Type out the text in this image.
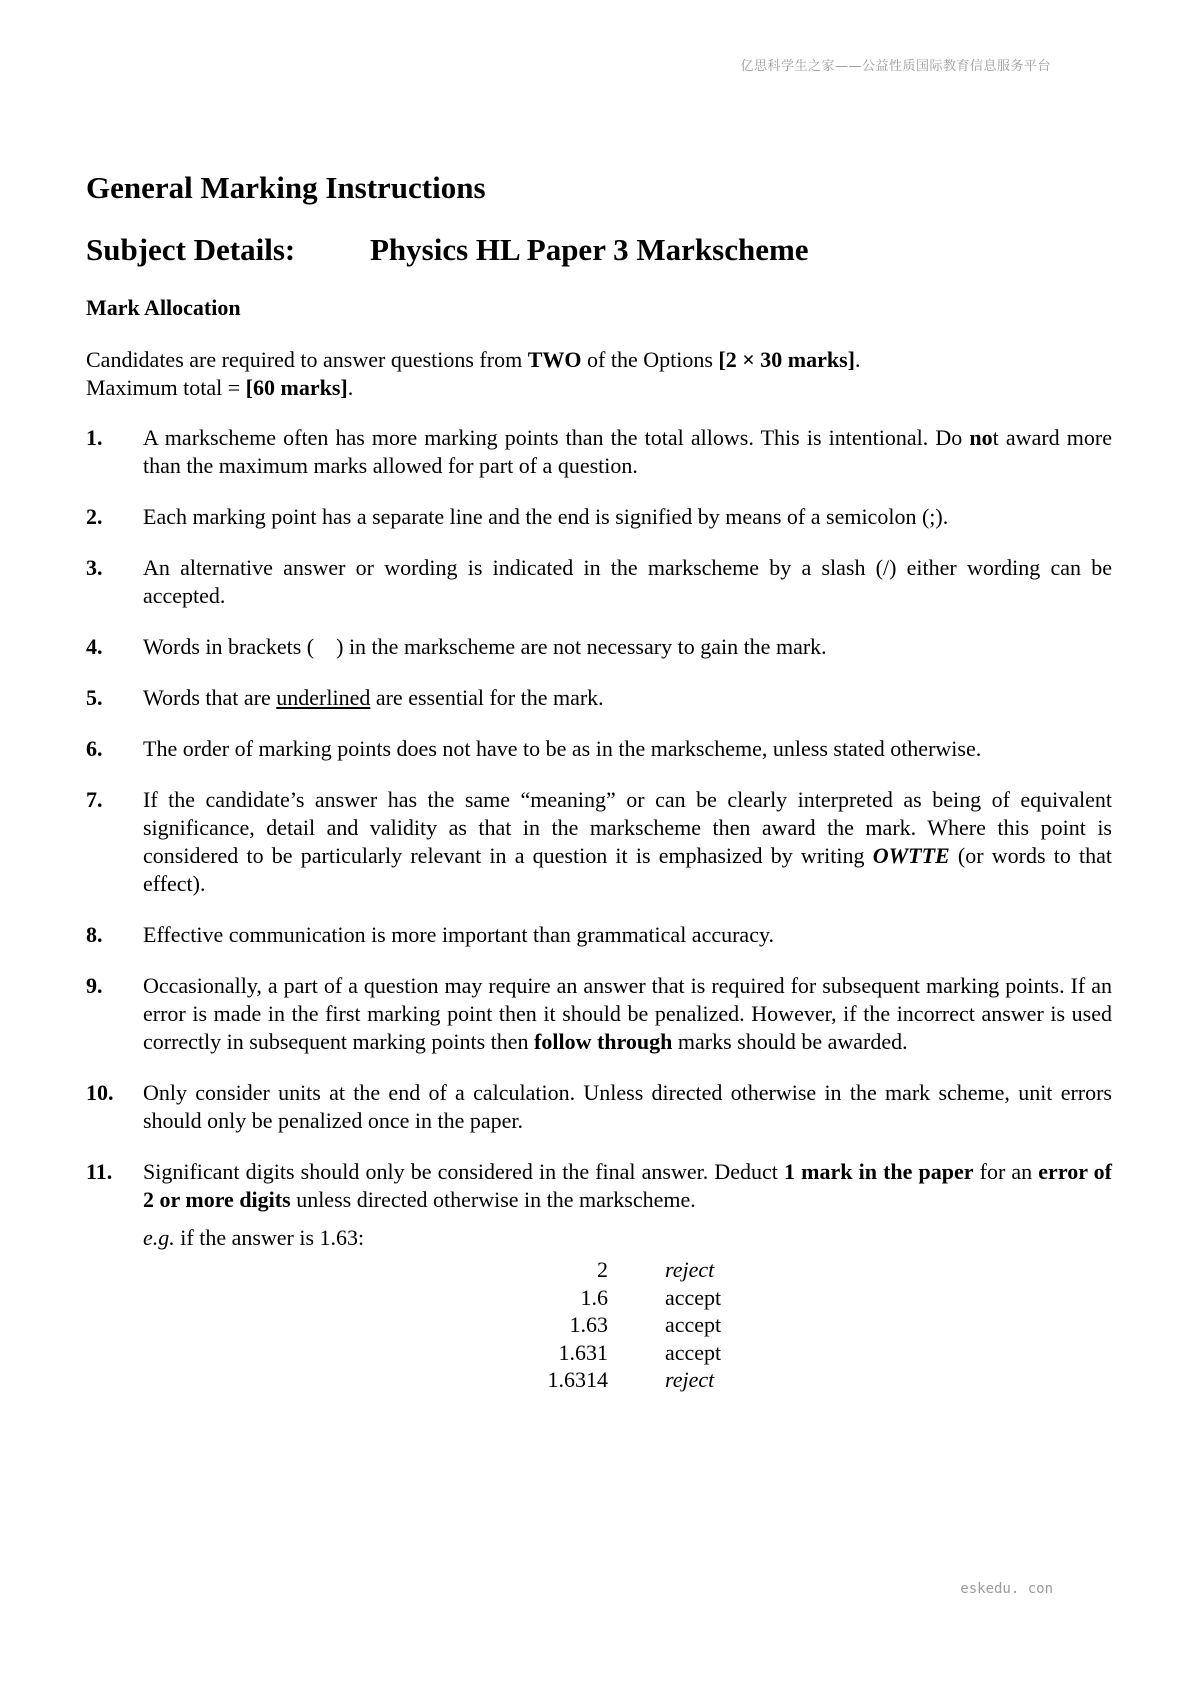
亿思科学生之家——公益性质国际教育信息服务平台
General Marking Instructions
Subject Details:	Physics HL Paper 3 Markscheme
Mark Allocation

Candidates are required to answer questions from TWO of the Options [2 × 30 marks].

Maximum total = [60 marks].

1.	A markscheme often has more marking points than the total allows. This is intentional. Do not award more than the maximum marks allowed for part of a question.
2.	Each marking point has a separate line and the end is signified by means of a semicolon (;).
3.	An alternative answer or wording is indicated in the markscheme by a slash (/) either wording can be accepted.
4.	Words in brackets (    ) in the markscheme are not necessary to gain the mark.
5.	Words that are underlined are essential for the mark.
6.	The order of marking points does not have to be as in the markscheme, unless stated otherwise.
7.	If the candidate’s answer has the same “meaning” or can be clearly interpreted as being of equivalent significance, detail and validity as that in the markscheme then award the mark. Where this point is considered to be particularly relevant in a question it is emphasized by writing OWTTE (or words to that effect).
8.	Effective communication is more important than grammatical accuracy.
9.	Occasionally, a part of a question may require an answer that is required for subsequent marking points. If an error is made in the first marking point then it should be penalized. However, if the incorrect answer is used correctly in subsequent marking points then follow through marks should be awarded.
10.	Only consider units at the end of a calculation. Unless directed otherwise in the mark scheme, unit errors should only be penalized once in the paper.
11.	Significant digits should only be considered in the final answer. Deduct 1 mark in the paper for an error of 2 or more digits unless directed otherwise in the markscheme.
e.g. if the answer is 1.63:
2	reject
1.6	accept
1.63	accept
1.631	accept
1.6314	reject
eskedu. con
